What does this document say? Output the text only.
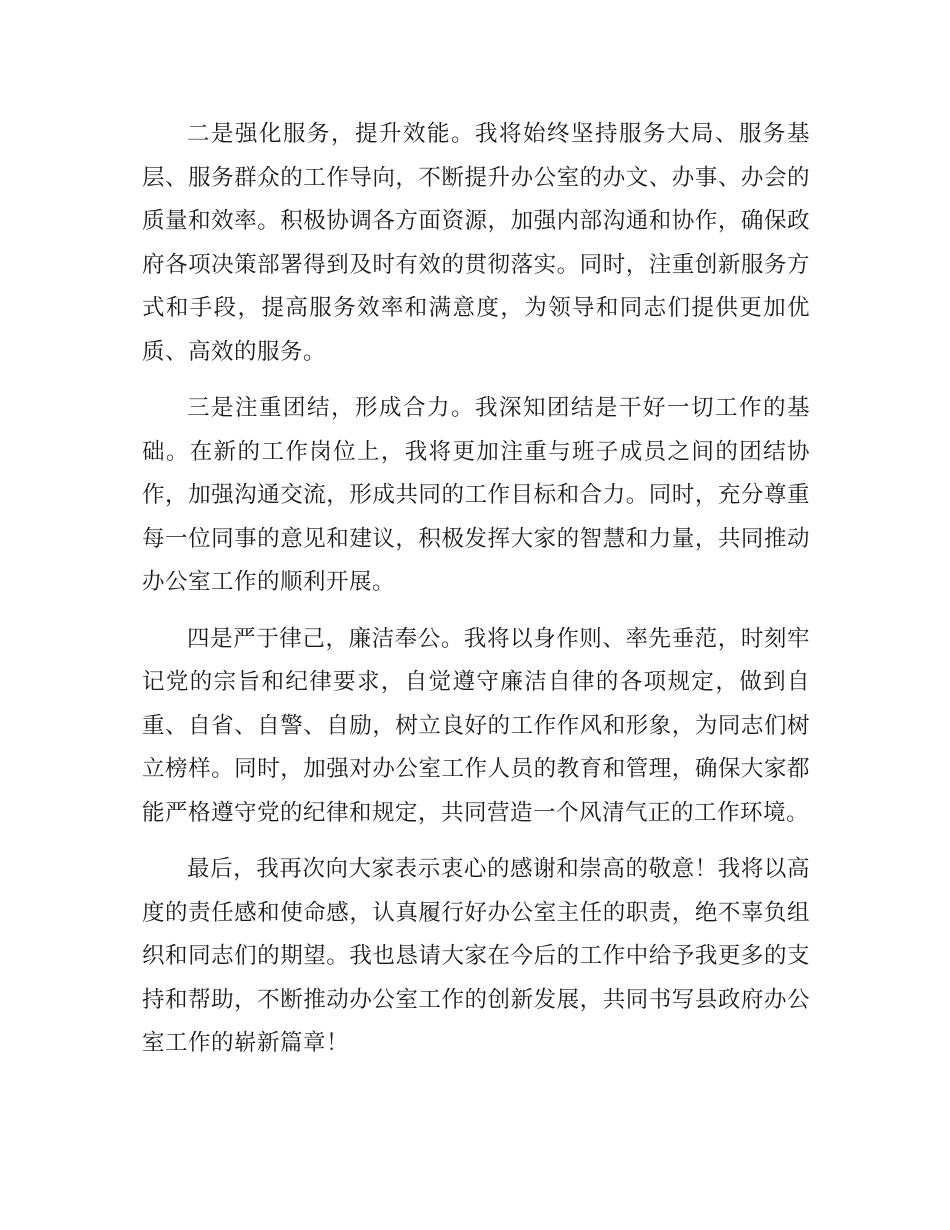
二是强化服务，提升效能。我将始终坚持服务大局、服务基层、服务群众的工作导向，不断提升办公室的办文、办事、办会的质量和效率。积极协调各方面资源，加强内部沟通和协作，确保政府各项决策部署得到及时有效的贯彻落实。同时，注重创新服务方式和手段，提高服务效率和满意度，为领导和同志们提供更加优质、高效的服务。

三是注重团结，形成合力。我深知团结是干好一切工作的基础。在新的工作岗位上，我将更加注重与班子成员之间的团结协作，加强沟通交流，形成共同的工作目标和合力。同时，充分尊重每一位同事的意见和建议，积极发挥大家的智慧和力量，共同推动办公室工作的顺利开展。

四是严于律己，廉洁奉公。我将以身作则、率先垂范，时刻牢记党的宗旨和纪律要求，自觉遵守廉洁自律的各项规定，做到自重、自省、自警、自励，树立良好的工作作风和形象，为同志们树立榜样。同时，加强对办公室工作人员的教育和管理，确保大家都能严格遵守党的纪律和规定，共同营造一个风清气正的工作环境。

最后，我再次向大家表示衷心的感谢和崇高的敬意！我将以高度的责任感和使命感，认真履行好办公室主任的职责，绝不辜负组织和同志们的期望。我也恳请大家在今后的工作中给予我更多的支持和帮助，不断推动办公室工作的创新发展，共同书写县政府办公室工作的崭新篇章！
